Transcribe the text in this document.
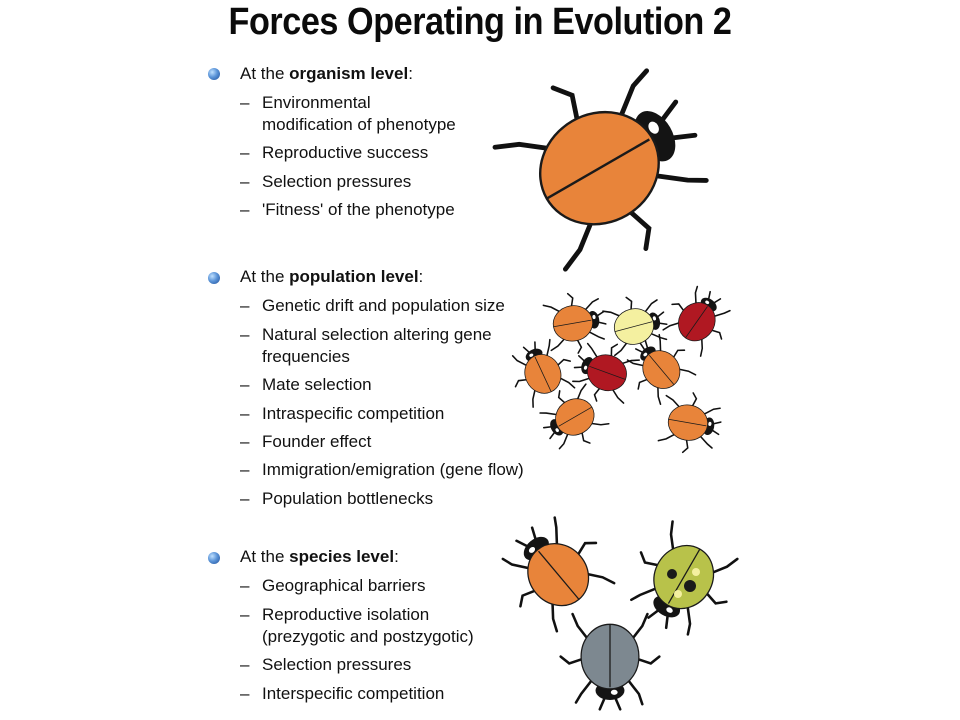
Forces Operating in Evolution 2
At the organism level:
– Environmental
modification of phenotype
– Reproductive success
– Selection pressures
– 'Fitness' of the phenotype
At the population level:
– Genetic drift and population size
– Natural selection altering gene
frequencies
– Mate selection
– Intraspecific competition
– Founder effect
– Immigration/emigration (gene flow)
– Population bottlenecks
At the species level:
– Geographical barriers
– Reproductive isolation
(prezygotic and postzygotic)
– Selection pressures
– Interspecific competition
